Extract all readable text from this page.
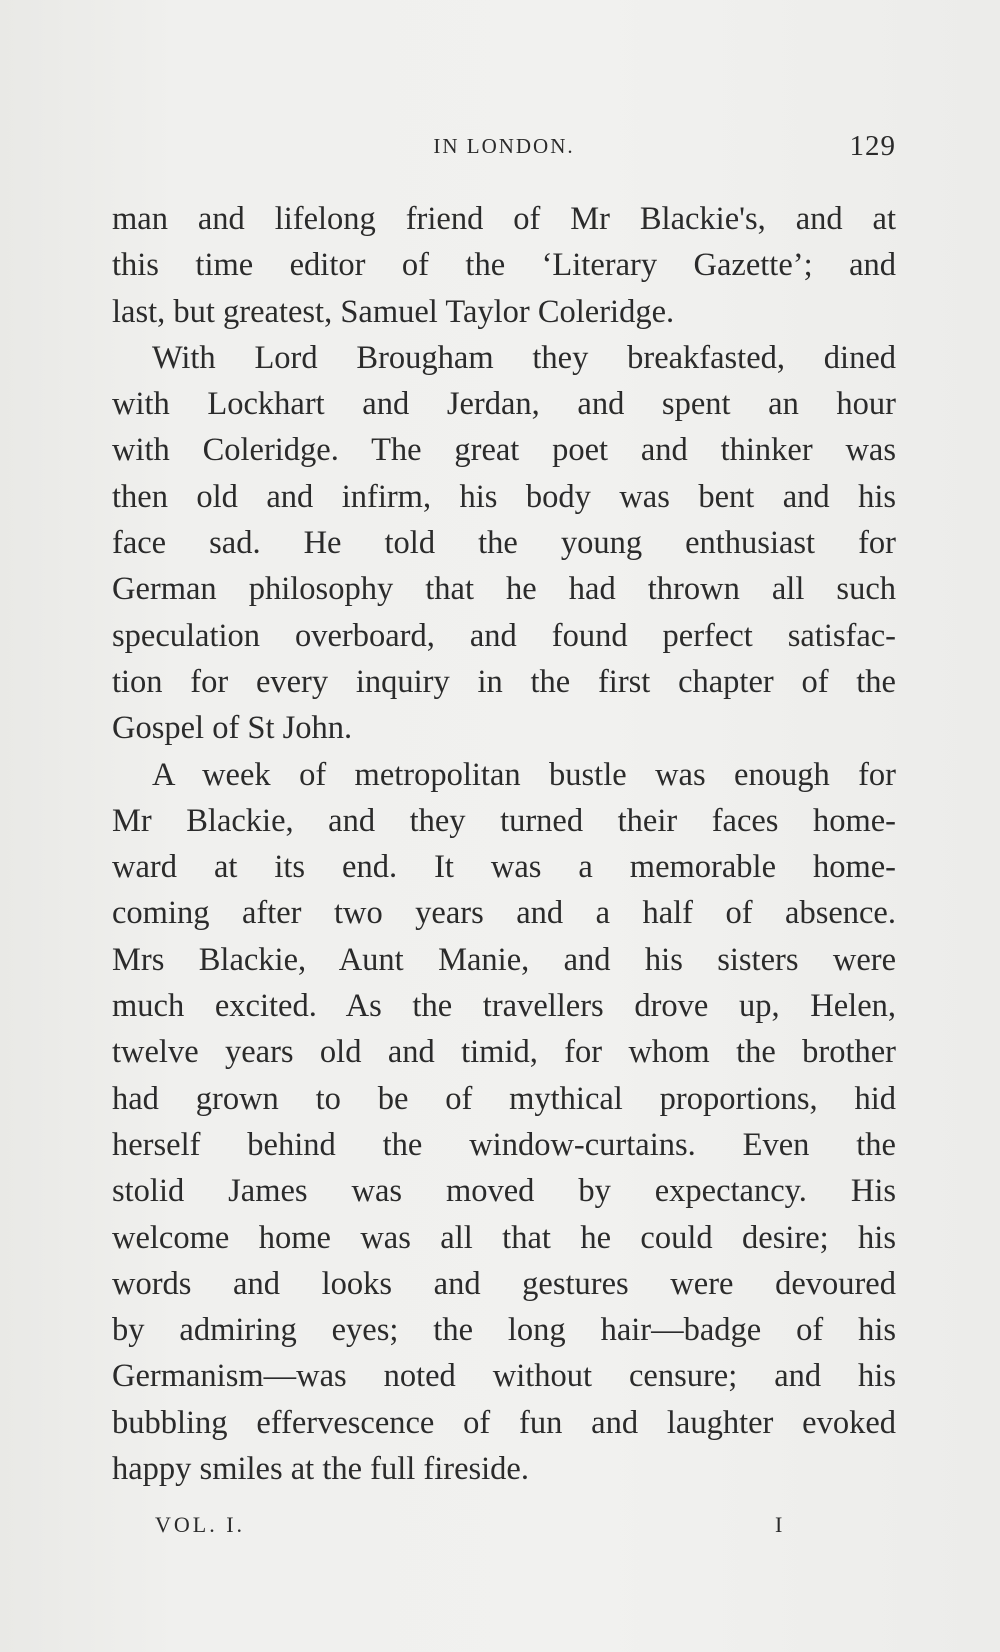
IN LONDON.	129
man and lifelong friend of Mr Blackie's, and at
this time editor of the ‘Literary Gazette’; and
last, but greatest, Samuel Taylor Coleridge.
With Lord Brougham they breakfasted, dined
with Lockhart and Jerdan, and spent an hour
with Coleridge. The great poet and thinker was
then old and infirm, his body was bent and his
face sad. He told the young enthusiast for
German philosophy that he had thrown all such
speculation overboard, and found perfect satisfac-
tion for every inquiry in the first chapter of the
Gospel of St John.
A week of metropolitan bustle was enough for
Mr Blackie, and they turned their faces home-
ward at its end. It was a memorable home-
coming after two years and a half of absence.
Mrs Blackie, Aunt Manie, and his sisters were
much excited. As the travellers drove up, Helen,
twelve years old and timid, for whom the brother
had grown to be of mythical proportions, hid
herself behind the window-curtains. Even the
stolid James was moved by expectancy. His
welcome home was all that he could desire; his
words and looks and gestures were devoured
by admiring eyes; the long hair—badge of his
Germanism—was noted without censure; and his
bubbling effervescence of fun and laughter evoked
happy smiles at the full fireside.
VOL. I.	I
